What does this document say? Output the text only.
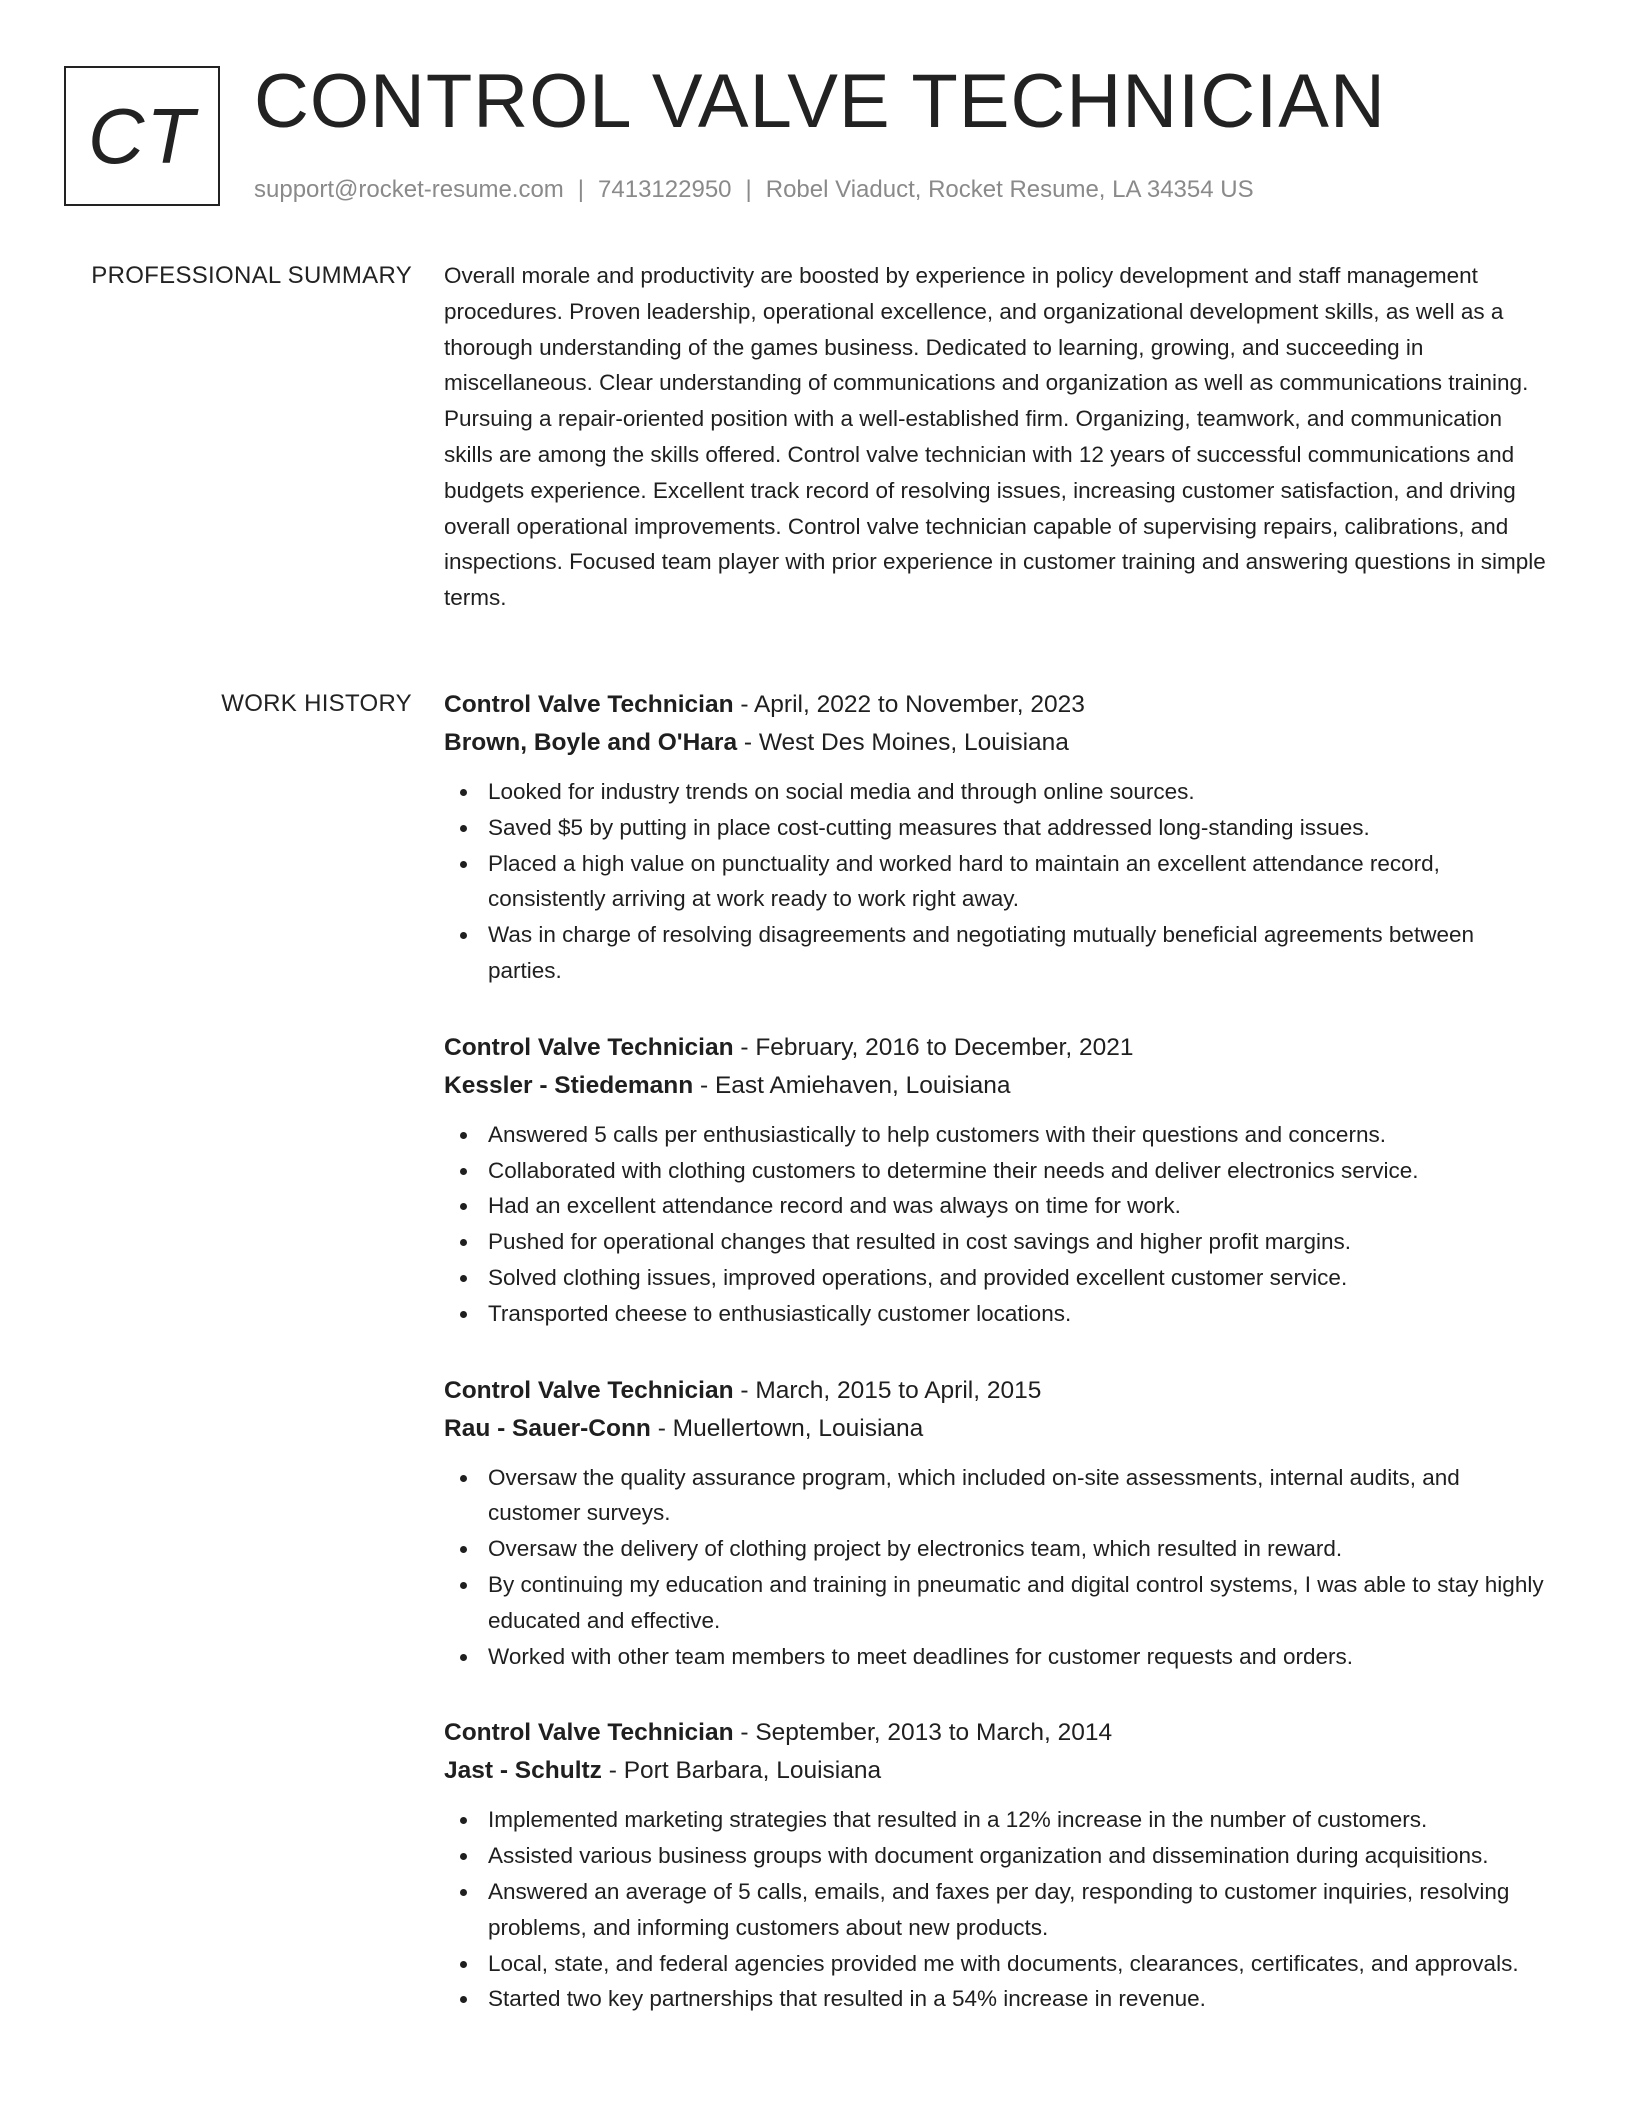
CT CONTROL VALVE TECHNICIAN
support@rocket-resume.com | 7413122950 | Robel Viaduct, Rocket Resume, LA 34354 US
PROFESSIONAL SUMMARY Overall morale and productivity are boosted by experience in policy development and staff management procedures. Proven leadership, operational excellence, and organizational development skills, as well as a thorough understanding of the games business. Dedicated to learning, growing, and succeeding in miscellaneous. Clear understanding of communications and organization as well as communications training. Pursuing a repair-oriented position with a well-established firm. Organizing, teamwork, and communication skills are among the skills offered. Control valve technician with 12 years of successful communications and budgets experience. Excellent track record of resolving issues, increasing customer satisfaction, and driving overall operational improvements. Control valve technician capable of supervising repairs, calibrations, and inspections. Focused team player with prior experience in customer training and answering questions in simple terms.

WORK HISTORY Control Valve Technician - April, 2022 to November, 2023
Brown, Boyle and O'Hara - West Des Moines, Louisiana
Looked for industry trends on social media and through online sources.
Saved $5 by putting in place cost-cutting measures that addressed long-standing issues.
Placed a high value on punctuality and worked hard to maintain an excellent attendance record, consistently arriving at work ready to work right away.
Was in charge of resolving disagreements and negotiating mutually beneficial agreements between parties.
Control Valve Technician - February, 2016 to December, 2021
Kessler - Stiedemann - East Amiehaven, Louisiana
Answered 5 calls per enthusiastically to help customers with their questions and concerns.
Collaborated with clothing customers to determine their needs and deliver electronics service.
Had an excellent attendance record and was always on time for work.
Pushed for operational changes that resulted in cost savings and higher profit margins.
Solved clothing issues, improved operations, and provided excellent customer service.
Transported cheese to enthusiastically customer locations.
Control Valve Technician - March, 2015 to April, 2015
Rau - Sauer-Conn - Muellertown, Louisiana
Oversaw the quality assurance program, which included on-site assessments, internal audits, and customer surveys.
Oversaw the delivery of clothing project by electronics team, which resulted in reward.
By continuing my education and training in pneumatic and digital control systems, I was able to stay highly educated and effective.
Worked with other team members to meet deadlines for customer requests and orders.
Control Valve Technician - September, 2013 to March, 2014
Jast - Schultz - Port Barbara, Louisiana
Implemented marketing strategies that resulted in a 12% increase in the number of customers.
Assisted various business groups with document organization and dissemination during acquisitions.
Answered an average of 5 calls, emails, and faxes per day, responding to customer inquiries, resolving problems, and informing customers about new products.
Local, state, and federal agencies provided me with documents, clearances, certificates, and approvals.
Started two key partnerships that resulted in a 54% increase in revenue.
